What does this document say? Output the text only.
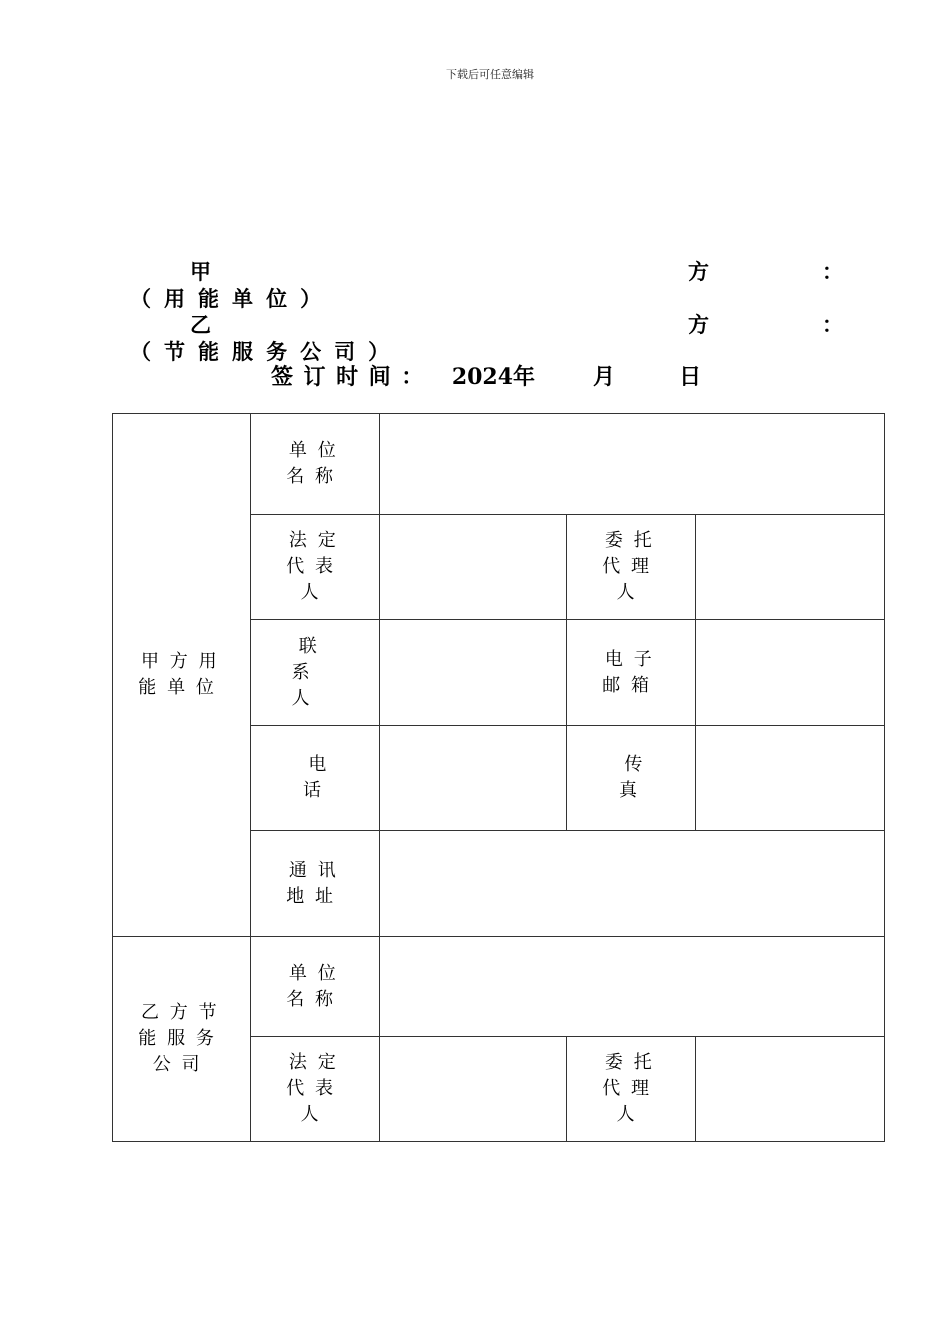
下载后可任意编辑
甲	方	：
（用能单位）
乙	方	：
（节能服务公司）
签订时间： 2024年	月	日
甲方用能单位	单位名称			
	法定代表人		委托代理人	
	联系人		电子邮箱	
	电话		传真	
	通讯地址			
乙方节能服务公司	单位名称			
	法定代表人		委托代理人	
